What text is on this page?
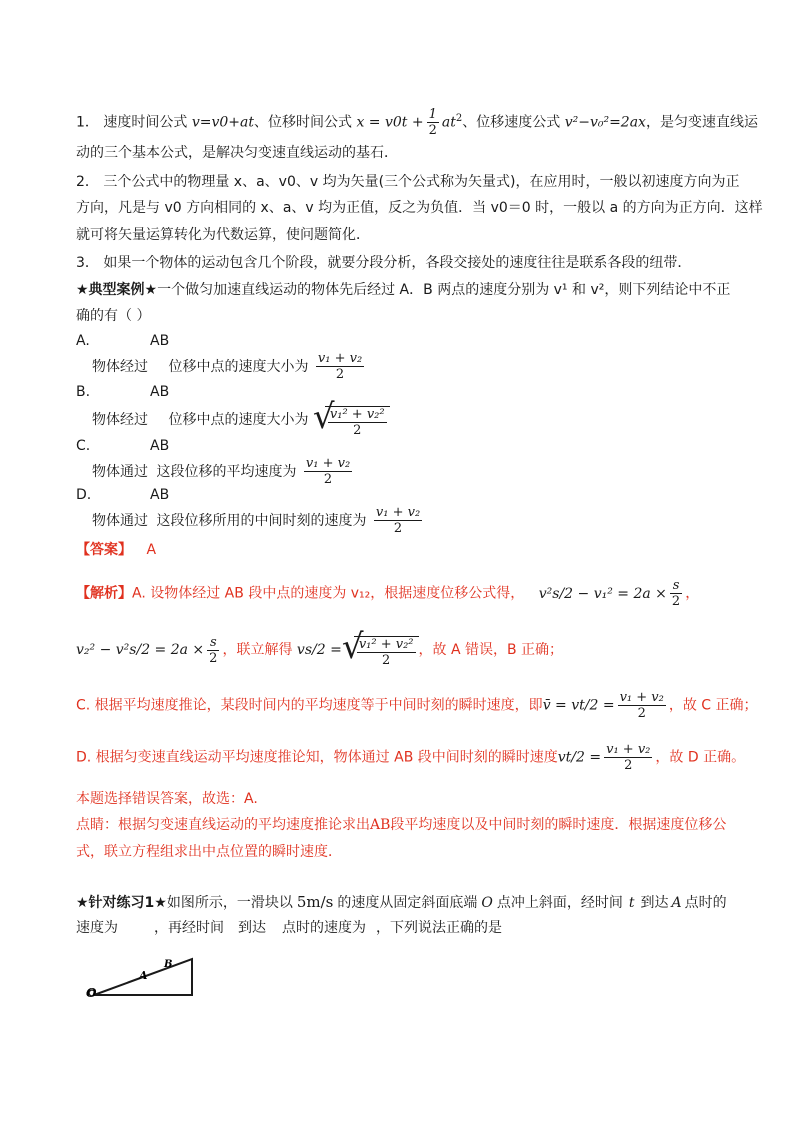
1． 速度时间公式 v=v0+at、位移时间公式 $x = v0t + \frac{1}{2} at^2$、位移速度公式 v²−v₀²=2ax，是匀变速直线运
动的三个基本公式，是解决匀变速直线运动的基石．
2． 三个公式中的物理量 x、a、v0、v 均为矢量(三个公式称为矢量式)，在应用时，一般以初速度方向为正
方向，凡是与 v0 方向相同的 x、a、v 均为正值，反之为负值．当 v0＝0 时，一般以 a 的方向为正方向．这样
就可将矢量运算转化为代数运算，使问题简化．
3． 如果一个物体的运动包含几个阶段，就要分段分析，各段交接处的速度往往是联系各段的纽带．
★典型案例★一个做匀加速直线运动的物体先后经过 A．B 两点的速度分别为 v¹ 和 v²，则下列结论中不正
确的有（ ）
A.	AB
物体经过 位移中点的速度大小为 $\frac{\text{v₁ + v₂}}{2}$
B.	AB
物体经过 位移中点的速度大小为 √
$\frac{\text{v₁² + v₂²}}{2}$
C.	AB
物体通过 这段位移的平均速度为 $\frac{\text{v₁ + v₂}}{2}$
D.	AB
物体通过 这段位移所用的中间时刻的速度为 $\frac{\text{v₁ + v₂}}{2}$
【答案】 A
【解析】A. 设物体经过 AB 段中点的速度为 v₁₂，根据速度位移公式得， $v^2s/2 - v_1^2 = 2a \times \frac{s}{2}$ ，
$v_2^2 - v^2s/2 = 2a \times \frac{s}{2}$ ，联立解得 vs/2 = √
$\frac{\text{v₁² + v₂²}}{2}$ ，故 A 错误，B 正确；
C. 根据平均速度推论，某段时间内的平均速度等于中间时刻的瞬时速度，即v̄ = $vt/2 = \frac{\text{v₁ + v₂}}{2}$ ，故 C 正确；
D. 根据匀变速直线运动平均速度推论知，物体通过 AB 段中间时刻的瞬时速度$vt/2 = \frac{\text{v₁ + v₂}}{2}$ ，故 D 正确。
本题选择错误答案，故选：A.
点睛：根据匀变速直线运动的平均速度推论求出AB段平均速度以及中间时刻的瞬时速度．根据速度位移公
式，联立方程组求出中点位置的瞬时速度．
★针对练习1★如图所示，一滑块以 5m/s 的速度从固定斜面底端 O 点冲上斜面，经时间 t 到达 A 点时的
速度为	，再经时间 到达 点时的速度为 ，下列说法正确的是
O
A
B
